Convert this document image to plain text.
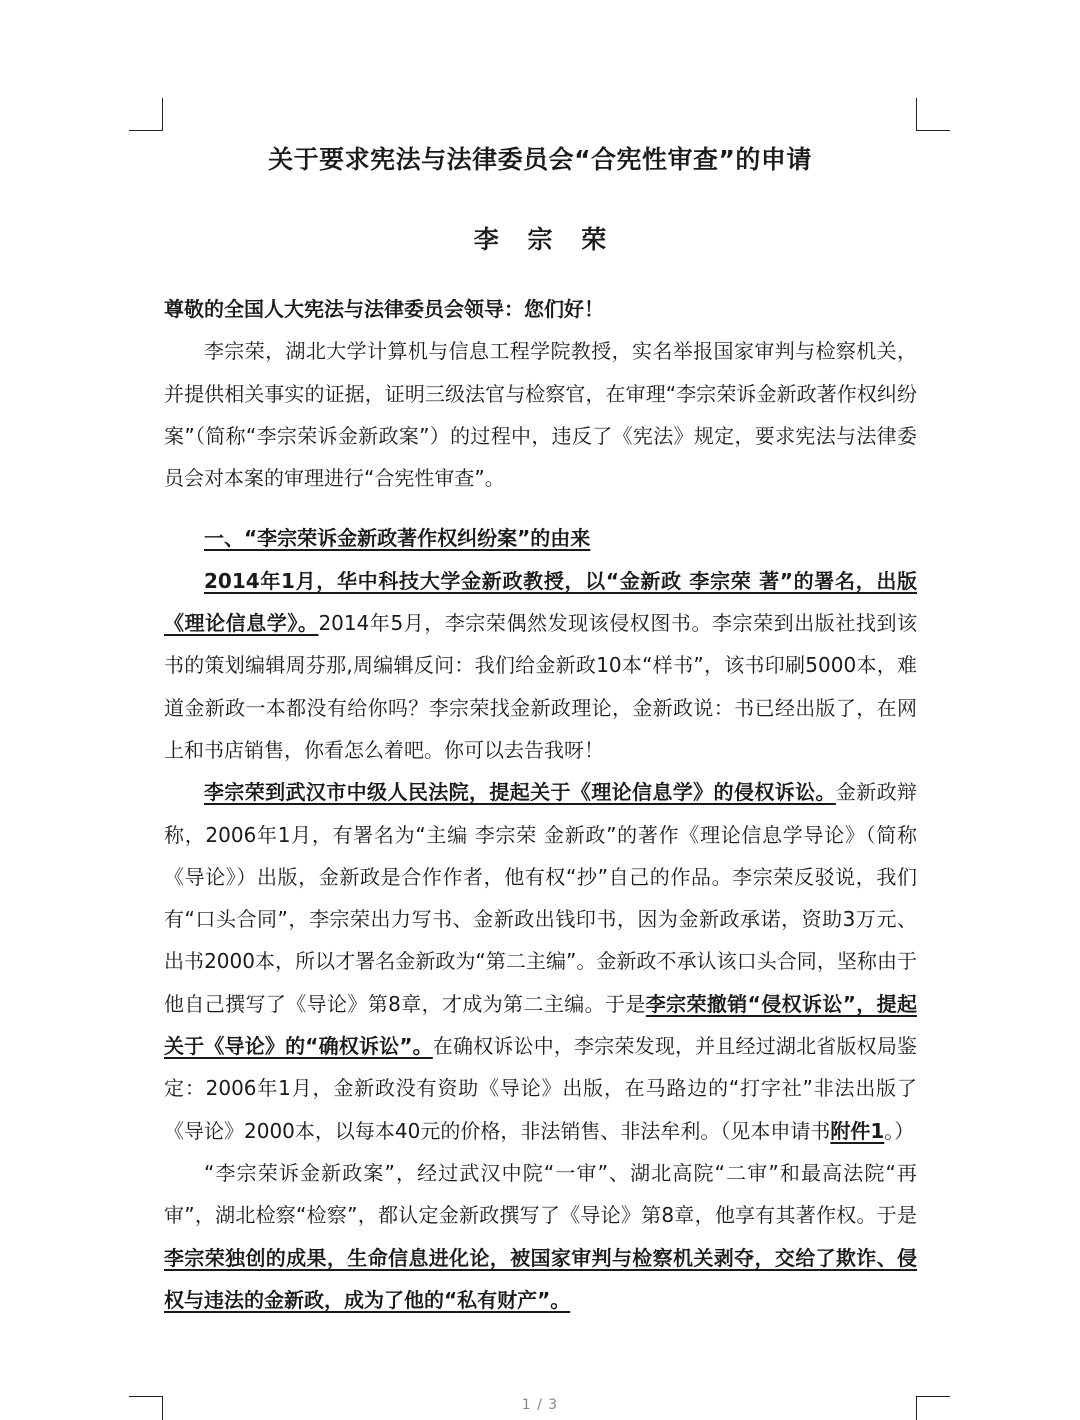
关于要求宪法与法律委员会“合宪性审查”的申请
李 宗 荣

尊敬的全国人大宪法与法律委员会领导：您们好！

李宗荣，湖北大学计算机与信息工程学院教授，实名举报国家审判与检察机关，并提供相关事实的证据，证明三级法官与检察官，在审理“李宗荣诉金新政著作权纠纷案”（简称“李宗荣诉金新政案”）的过程中，违反了《宪法》规定，要求宪法与法律委员会对本案的审理进行“合宪性审查”。

一、“李宗荣诉金新政著作权纠纷案”的由来

2014年1月，华中科技大学金新政教授，以“金新政 李宗荣 著”的署名，出版《理论信息学》。2014年5月，李宗荣偶然发现该侵权图书。李宗荣到出版社找到该书的策划编辑周芬那,周编辑反问：我们给金新政10本“样书”，该书印刷5000本，难道金新政一本都没有给你吗？李宗荣找金新政理论，金新政说：书已经出版了，在网上和书店销售，你看怎么着吧。你可以去告我呀！

李宗荣到武汉市中级人民法院，提起关于《理论信息学》的侵权诉讼。金新政辩称，2006年1月，有署名为“主编 李宗荣 金新政”的著作《理论信息学导论》（简称《导论》）出版，金新政是合作作者，他有权“抄”自己的作品。李宗荣反驳说，我们有“口头合同”，李宗荣出力写书、金新政出钱印书，因为金新政承诺，资助3万元、出书2000本，所以才署名金新政为“第二主编”。金新政不承认该口头合同，坚称由于他自己撰写了《导论》第8章，才成为第二主编。于是李宗荣撤销“侵权诉讼”，提起关于《导论》的“确权诉讼”。在确权诉讼中，李宗荣发现，并且经过湖北省版权局鉴定：2006年1月，金新政没有资助《导论》出版，在马路边的“打字社”非法出版了《导论》2000本，以每本40元的价格，非法销售、非法牟利。（见本申请书附件1。）

“李宗荣诉金新政案”，经过武汉中院“一审”、湖北高院“二审”和最高法院“再审”，湖北检察“检察”，都认定金新政撰写了《导论》第8章，他享有其著作权。于是李宗荣独创的成果，生命信息进化论，被国家审判与检察机关剥夺，交给了欺诈、侵权与违法的金新政，成为了他的“私有财产”。

1 / 3
